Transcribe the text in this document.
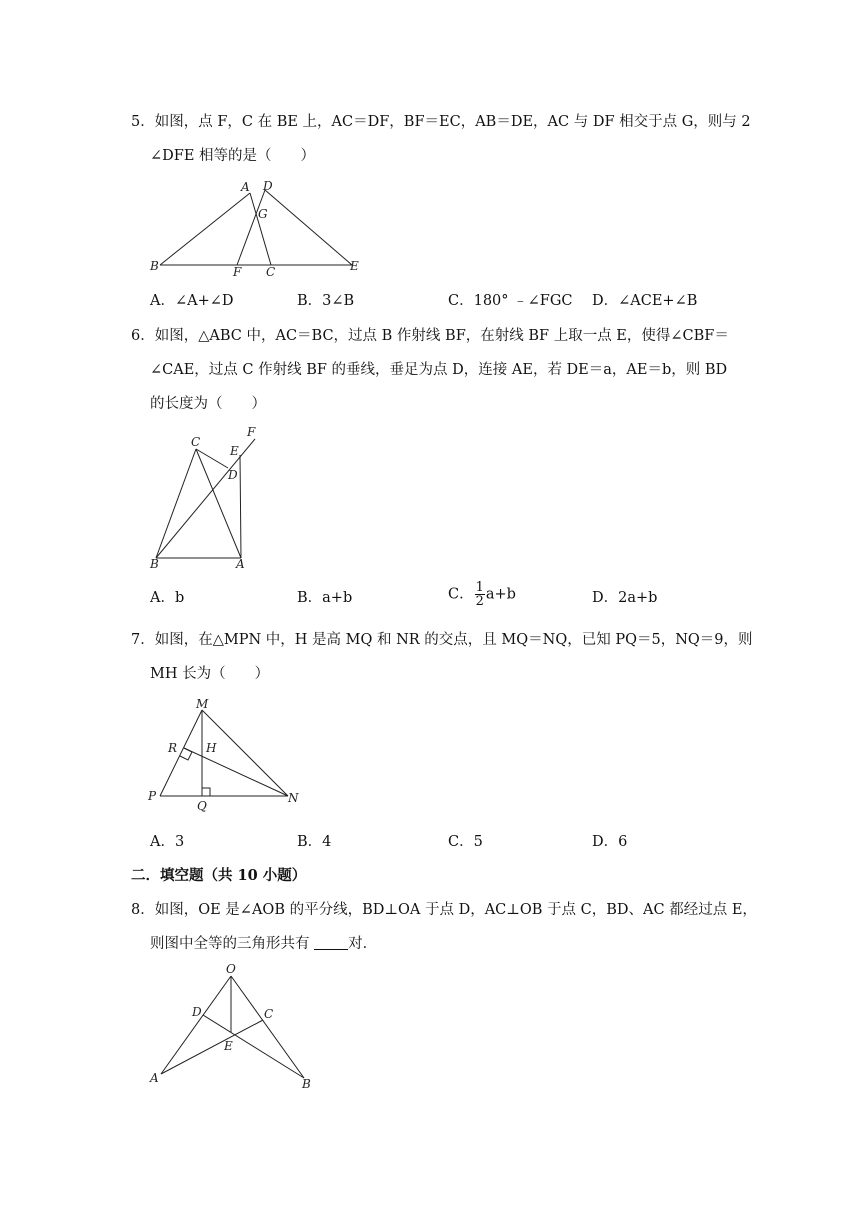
5．如图，点 F，C 在 BE 上，AC＝DF，BF＝EC，AB＝DE，AC 与 DF 相交于点 G，则与 2
∠DFE 相等的是（　　）
A D
G
B	F C	E
A．∠A+∠D	B．3∠B	C．180° ﹣∠FGC D．∠ACE+∠B
6．如图，△ABC 中，AC＝BC，过点 B 作射线 BF，在射线 BF 上取一点 E，使得∠CBF＝
∠CAE，过点 C 作射线 BF 的垂线，垂足为点 D，连接 AE，若 DE＝a，AE＝b，则 BD
的长度为（　　）
C
F
E
D
B	A
A．b	B．a+b	C． $\frac{1}{2} a+b$	D．2a+b
7．如图，在△MPN 中，H 是高 MQ 和 NR 的交点，且 MQ＝NQ，已知 PQ＝5，NQ＝9，则
MH 长为（　　）
M
R H
P
Q
N
A．3	B．4	C．5	D．6
二．填空题（共 10 小题）
8．如图，OE 是∠AOB 的平分线，BD⊥OA 于点 D，AC⊥OB 于点 C，BD、AC 都经过点 E，
则图中全等的三角形共有 对．
O
D	C
E
A	B
